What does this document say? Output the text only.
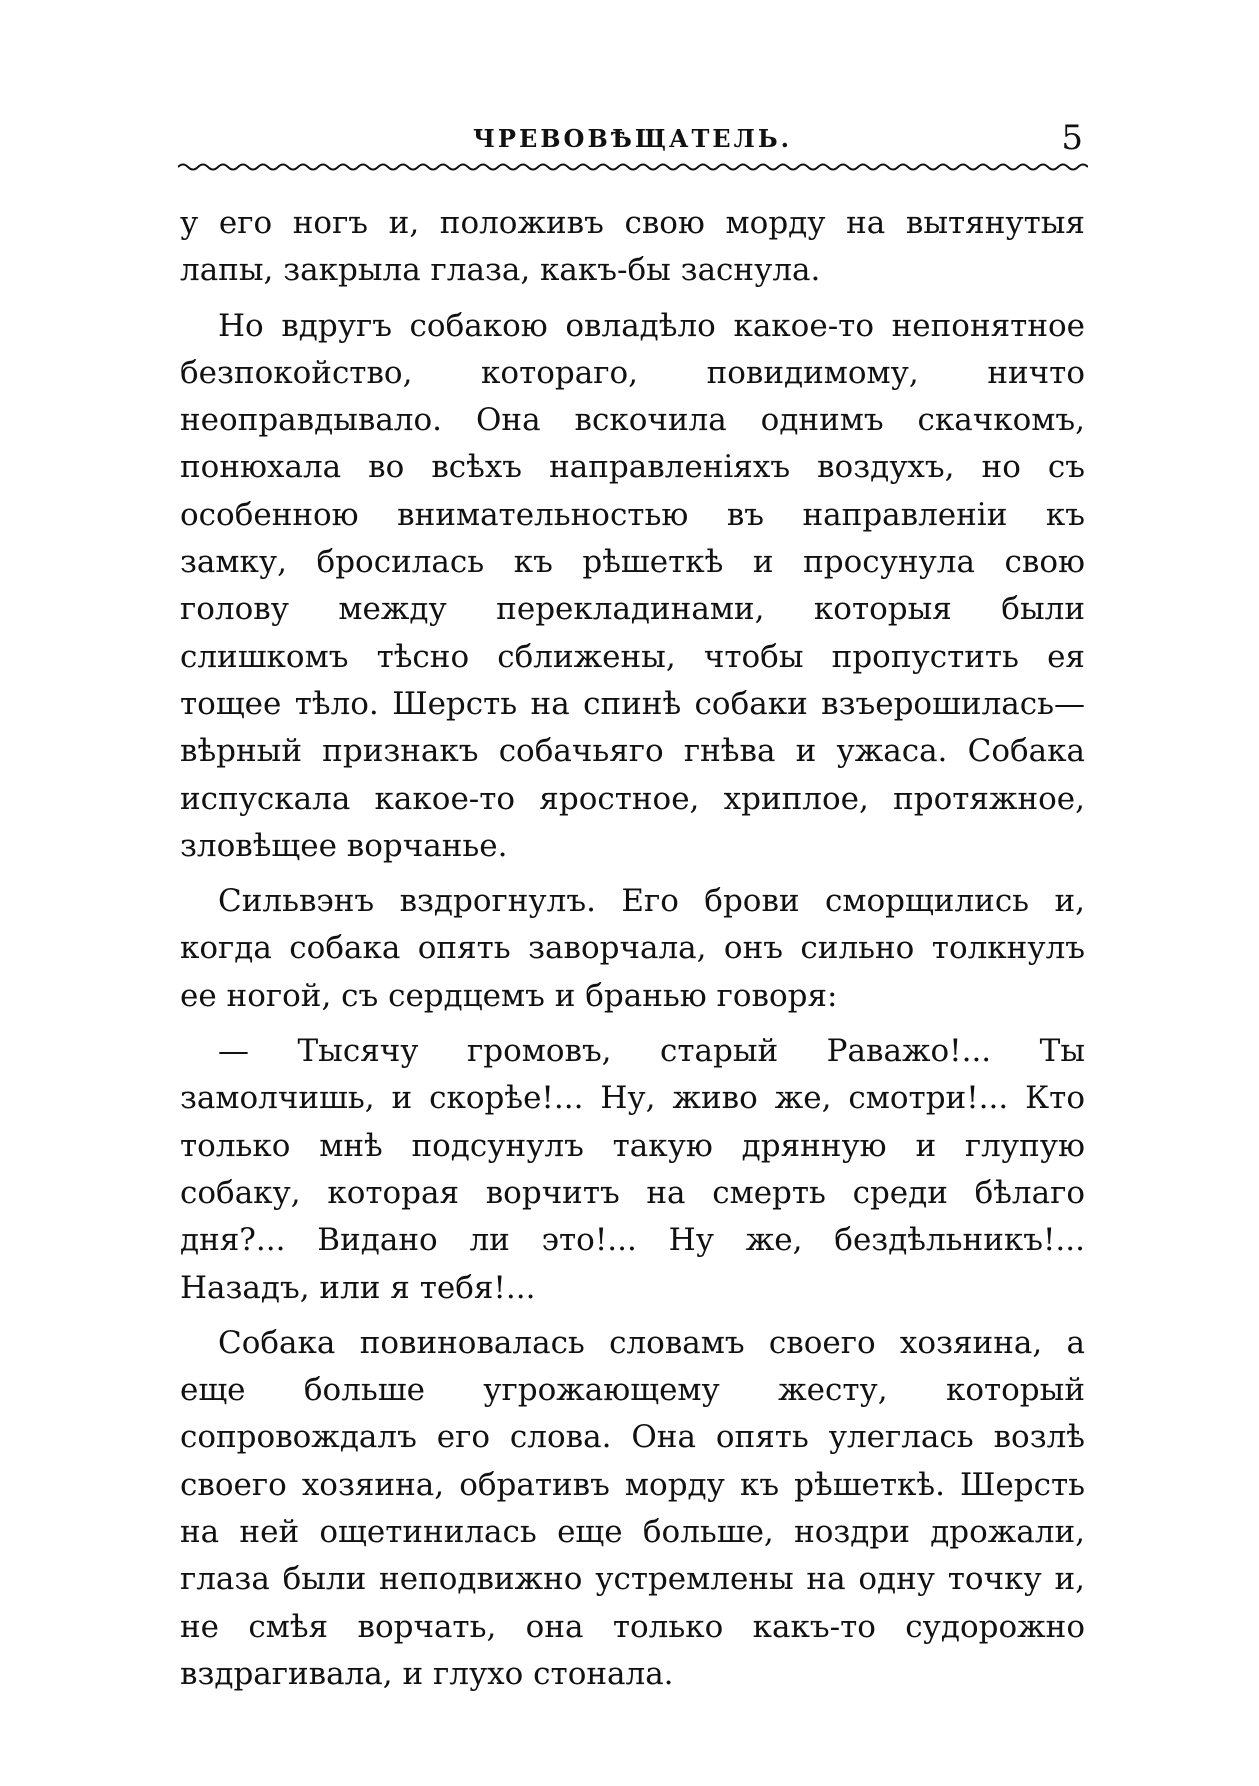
ЧРЕВОВѢЩАТЕЛЬ.	5

у его ногъ и, положивъ свою морду на вытянутыя лапы, закрыла глаза, какъ-бы заснула.

Но вдругъ собакою овладѣло какое-то непонятное безпокойство, котораго, повидимому, ничто неоправдывало. Она вскочила однимъ скачкомъ, понюхала во всѣхъ направленіяхъ воздухъ, но съ особенною внимательностью въ направленіи къ замку, бросилась къ рѣшеткѣ и просунула свою голову между перекладинами, которыя были слишкомъ тѣсно сближены, чтобы пропустить ея тощее тѣло. Шерсть на спинѣ собаки взъерошилась—вѣрный признакъ собачьяго гнѣва и ужаса. Собака испускала какое-то яростное, хриплое, протяжное, зловѣщее ворчанье.

Сильвэнъ вздрогнулъ. Его брови сморщились и, когда собака опять заворчала, онъ сильно толкнулъ ее ногой, съ сердцемъ и бранью говоря:

— Тысячу громовъ, старый Раважо!... Ты замолчишь, и скорѣе!... Ну, живо же, смотри!... Кто только мнѣ подсунулъ такую дрянную и глупую собаку, которая ворчитъ на смерть среди бѣлаго дня?... Видано ли это!... Ну же, бездѣльникъ!... Назадъ, или я тебя!...

Собака повиновалась словамъ своего хозяина, а еще больше угрожающему жесту, который сопровождалъ его слова. Она опять улеглась возлѣ своего хозяина, обративъ морду къ рѣшеткѣ. Шерсть на ней ощетинилась еще больше, ноздри дрожали, глаза были неподвижно устремлены на одну точку и, не смѣя ворчать, она только какъ-то судорожно вздрагивала, и глухо стонала.
